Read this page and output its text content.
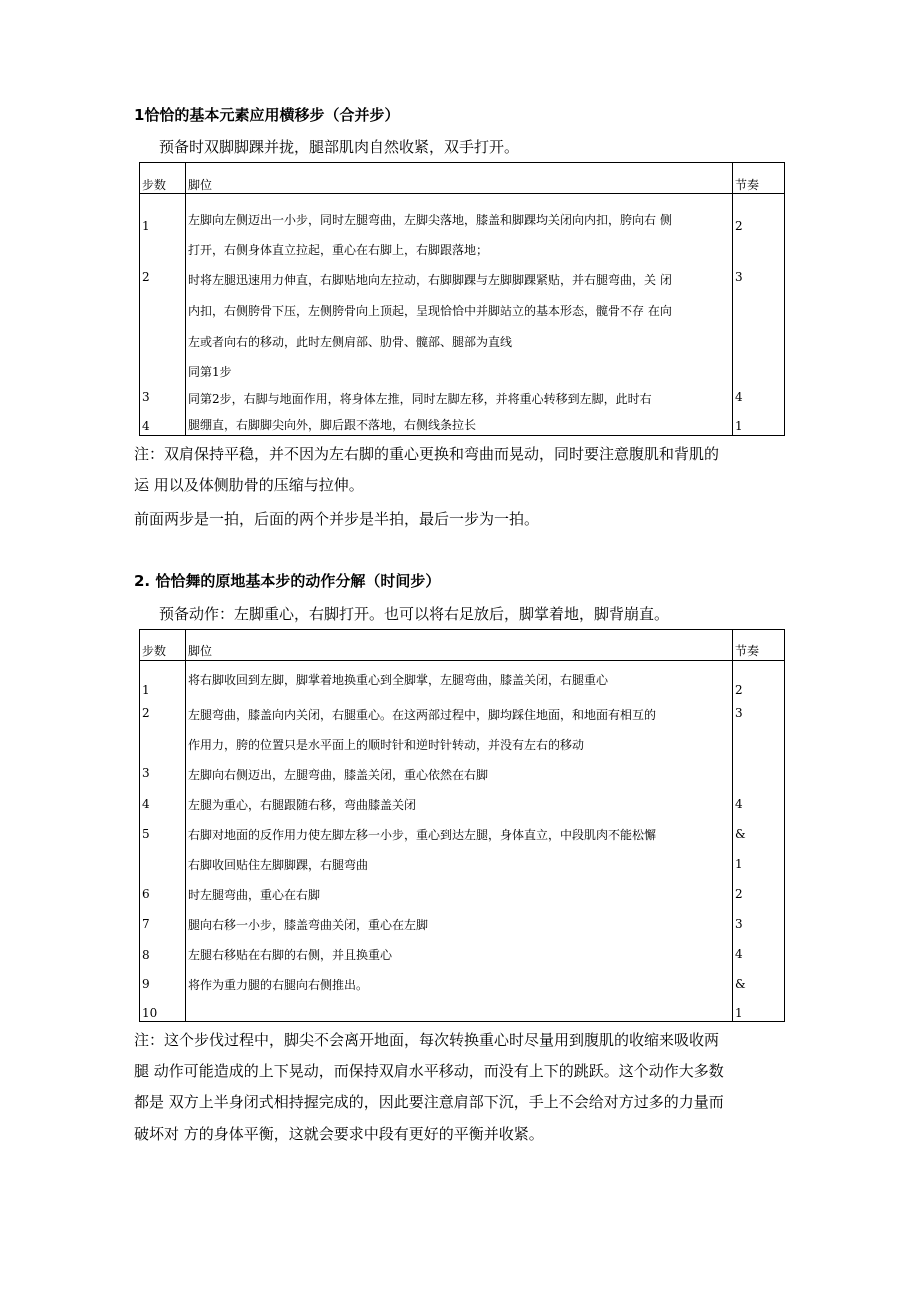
1恰恰的基本元素应用横移步（合并步）
预备时双脚脚踝并拢，腿部肌肉自然收紧，双手打开。
步数 脚位	节奏
1
2
3
4
左脚向左侧迈出一小步，同时左腿弯曲，左脚尖落地，膝盖和脚踝均关闭向内扣，胯向右 侧
打开，右侧身体直立拉起，重心在右脚上，右脚跟落地；
时将左腿迅速用力伸直，右脚贴地向左拉动，右脚脚踝与左脚脚踝紧贴，并右腿弯曲，关 闭
内扣，右侧胯骨下压，左侧胯骨向上顶起，呈现恰恰中并脚站立的基本形态，髋骨不存 在向
左或者向右的移动，此时左侧肩部、肋骨、髋部、腿部为直线
同第1步
同第2步，右脚与地面作用，将身体左推，同时左脚左移，并将重心转移到左脚，此时右
腿绷直，右脚脚尖向外，脚后跟不落地，右侧线条拉长
2
3
4
1
注：双肩保持平稳，并不因为左右脚的重心更换和弯曲而晃动，同时要注意腹肌和背肌的
运 用以及体侧肋骨的压缩与拉伸。
前面两步是一拍，后面的两个并步是半拍，最后一步为一拍。
2. 恰恰舞的原地基本步的动作分解（时间步）
预备动作：左脚重心，右脚打开。也可以将右足放后，脚掌着地，脚背崩直。
步数 脚位	节奏
1
2
3
4
5
6
7
8
9
10
将右脚收回到左脚，脚掌着地换重心到全脚掌，左腿弯曲，膝盖关闭，右腿重心
左腿弯曲，膝盖向内关闭，右腿重心。在这两部过程中，脚均踩住地面，和地面有相互的
作用力，胯的位置只是水平面上的顺时针和逆时针转动，并没有左右的移动
左脚向右侧迈出，左腿弯曲，膝盖关闭，重心依然在右脚
左腿为重心，右腿跟随右移，弯曲膝盖关闭
右脚对地面的反作用力使左脚左移一小步，重心到达左腿，身体直立，中段肌肉不能松懈
右脚收回贴住左脚脚踝，右腿弯曲
时左腿弯曲，重心在右脚
腿向右移一小步，膝盖弯曲关闭，重心在左脚
左腿右移贴在右脚的右侧，并且换重心
将作为重力腿的右腿向右侧推出。
2
3
4
&
1
2
3
4
&
1
注：这个步伐过程中，脚尖不会离开地面，每次转换重心时尽量用到腹肌的收缩来吸收两
腿 动作可能造成的上下晃动，而保持双肩水平移动，而没有上下的跳跃。这个动作大多数
都是 双方上半身闭式相持握完成的，因此要注意肩部下沉，手上不会给对方过多的力量而
破坏对 方的身体平衡，这就会要求中段有更好的平衡并收紧。
